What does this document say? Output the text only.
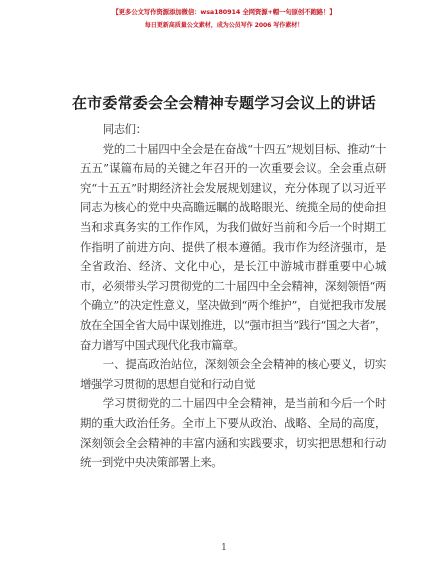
【更多公文写作资源添加微信：wsa180914 全网资源+帽一句原创不跑路！】
每日更新高质量公文素材，成为公员写作 2006 写作素材！
在市委常委会全会精神专题学习会议上的讲话

同志们：

党的二十届四中全会是在奋战“十四五”规划目标、推动“十五五”谋篇布局的关键之年召开的一次重要会议。全会重点研究“十五五”时期经济社会发展规划建议，充分体现了以习近平同志为核心的党中央高瞻远瞩的战略眼光、统揽全局的使命担当和求真务实的工作作风，为我们做好当前和今后一个时期工作指明了前进方向、提供了根本遵循。我市作为经济强市，是全省政治、经济、文化中心，是长江中游城市群重要中心城市，必须带头学习贯彻党的二十届四中全会精神，深刻领悟“两个确立”的决定性意义，坚决做到“两个维护”，自觉把我市发展放在全国全省大局中谋划推进，以“强市担当”践行“国之大者”，奋力谱写中国式现代化我市篇章。

一、提高政治站位，深刻领会全会精神的核心要义，切实增强学习贯彻的思想自觉和行动自觉

学习贯彻党的二十届四中全会精神，是当前和今后一个时期的重大政治任务。全市上下要从政治、战略、全局的高度，深刻领会全会精神的丰富内涵和实践要求，切实把思想和行动统一到党中央决策部署上来。

1
